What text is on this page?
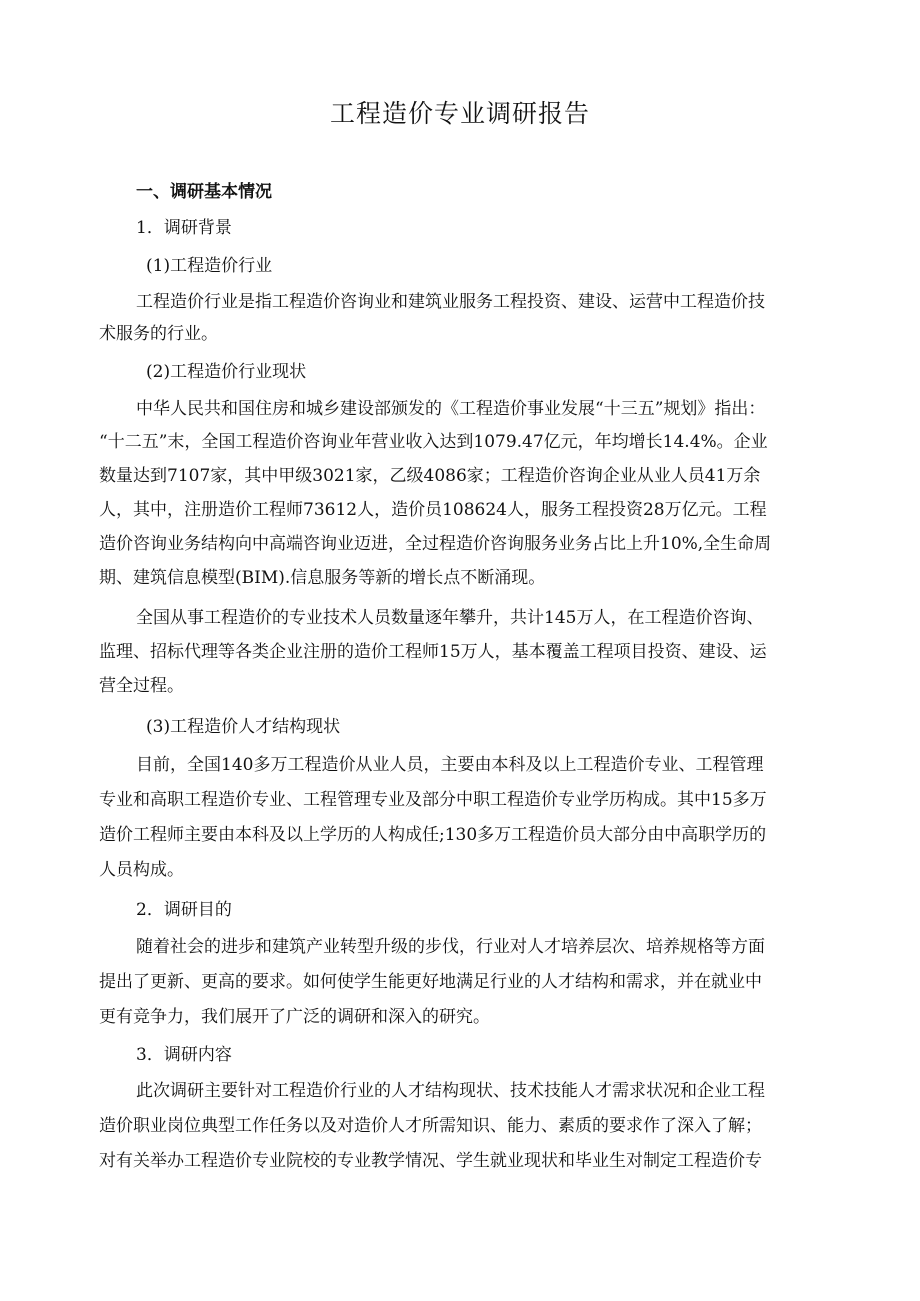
工程造价专业调研报告
一、调研基本情况
1．调研背景
(1)工程造价行业
工程造价行业是指工程造价咨询业和建筑业服务工程投资、建设、运营中工程造价技
术服务的行业。
(2)工程造价行业现状
中华人民共和国住房和城乡建设部颁发的《工程造价事业发展“十三五”规划》指出：
“十二五”末，全国工程造价咨询业年营业收入达到1079.47亿元，年均增长14.4%。企业
数量达到7107家，其中甲级3021家，乙级4086家；工程造价咨询企业从业人员41万余
人，其中，注册造价工程师73612人，造价员108624人，服务工程投资28万亿元。工程
造价咨询业务结构向中高端咨询业迈进，全过程造价咨询服务业务占比上升10%,全生命周
期、建筑信息模型(BIM).信息服务等新的增长点不断涌现。
全国从事工程造价的专业技术人员数量逐年攀升，共计145万人，在工程造价咨询、
监理、招标代理等各类企业注册的造价工程师15万人，基本覆盖工程项目投资、建设、运
营全过程。
(3)工程造价人才结构现状
目前，全国140多万工程造价从业人员，主要由本科及以上工程造价专业、工程管理
专业和高职工程造价专业、工程管理专业及部分中职工程造价专业学历构成。其中15多万
造价工程师主要由本科及以上学历的人构成任;130多万工程造价员大部分由中高职学历的
人员构成。
2．调研目的
随着社会的进步和建筑产业转型升级的步伐，行业对人才培养层次、培养规格等方面
提出了更新、更高的要求。如何使学生能更好地满足行业的人才结构和需求，并在就业中
更有竞争力，我们展开了广泛的调研和深入的研究。
3．调研内容
此次调研主要针对工程造价行业的人才结构现状、技术技能人才需求状况和企业工程
造价职业岗位典型工作任务以及对造价人才所需知识、能力、素质的要求作了深入了解；
对有关举办工程造价专业院校的专业教学情况、学生就业现状和毕业生对制定工程造价专
